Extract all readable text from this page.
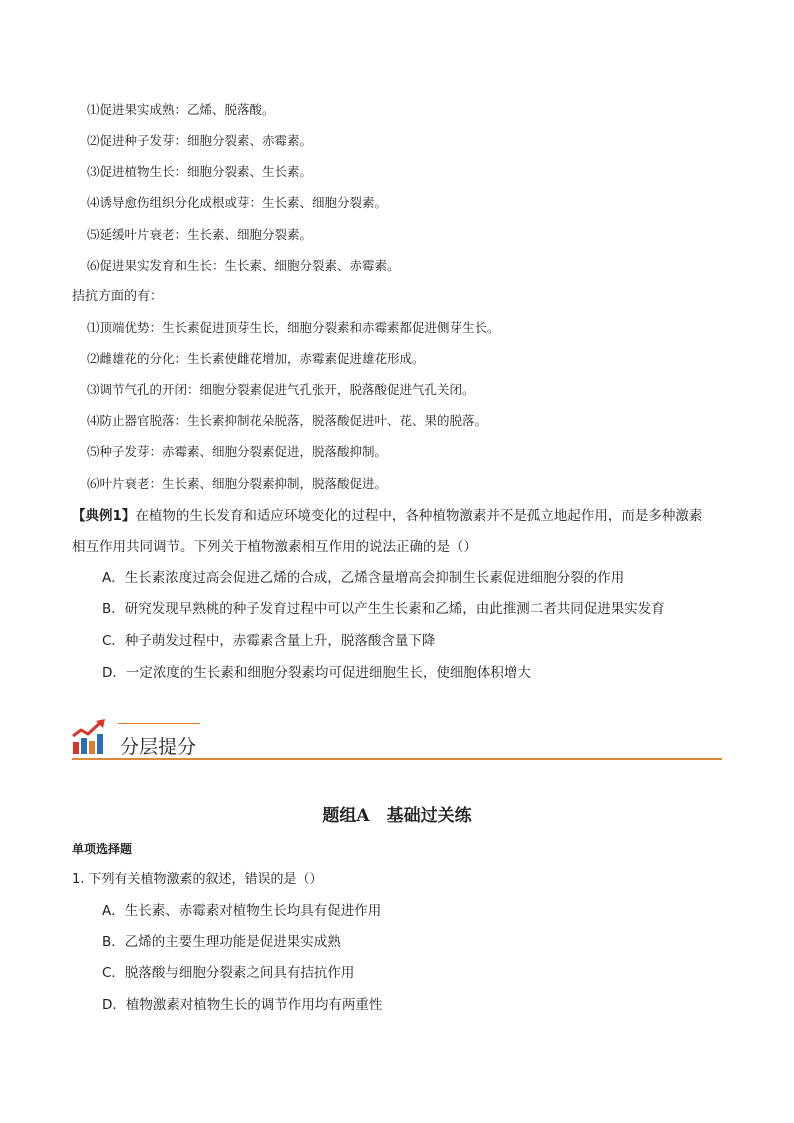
⑴促进果实成熟：乙烯、脱落酸。
⑵促进种子发芽：细胞分裂素、赤霉素。
⑶促进植物生长：细胞分裂素、生长素。
⑷诱导愈伤组织分化成根或芽：生长素、细胞分裂素。
⑸延缓叶片衰老：生长素、细胞分裂素。
⑹促进果实发育和生长：生长素、细胞分裂素、赤霉素。
拮抗方面的有：
⑴顶端优势：生长素促进顶芽生长，细胞分裂素和赤霉素都促进侧芽生长。
⑵雌雄花的分化：生长素使雌花增加，赤霉素促进雄花形成。
⑶调节气孔的开闭：细胞分裂素促进气孔张开，脱落酸促进气孔关闭。
⑷防止器官脱落：生长素抑制花朵脱落，脱落酸促进叶、花、果的脱落。
⑸种子发芽：赤霉素、细胞分裂素促进，脱落酸抑制。
⑹叶片衰老：生长素、细胞分裂素抑制，脱落酸促进。
【典例1】在植物的生长发育和适应环境变化的过程中，各种植物激素并不是孤立地起作用，而是多种激素
相互作用共同调节。下列关于植物激素相互作用的说法正确的是（）
A．生长素浓度过高会促进乙烯的合成，乙烯含量增高会抑制生长素促进细胞分裂的作用
B．研究发现早熟桃的种子发育过程中可以产生生长素和乙烯，由此推测二者共同促进果实发育
C．种子萌发过程中，赤霉素含量上升，脱落酸含量下降
D．一定浓度的生长素和细胞分裂素均可促进细胞生长，使细胞体积增大
分层提分
题组A　基础过关练
单项选择题
1. 下列有关植物激素的叙述，错误的是（）
A．生长素、赤霉素对植物生长均具有促进作用
B．乙烯的主要生理功能是促进果实成熟
C．脱落酸与细胞分裂素之间具有拮抗作用
D．植物激素对植物生长的调节作用均有两重性
